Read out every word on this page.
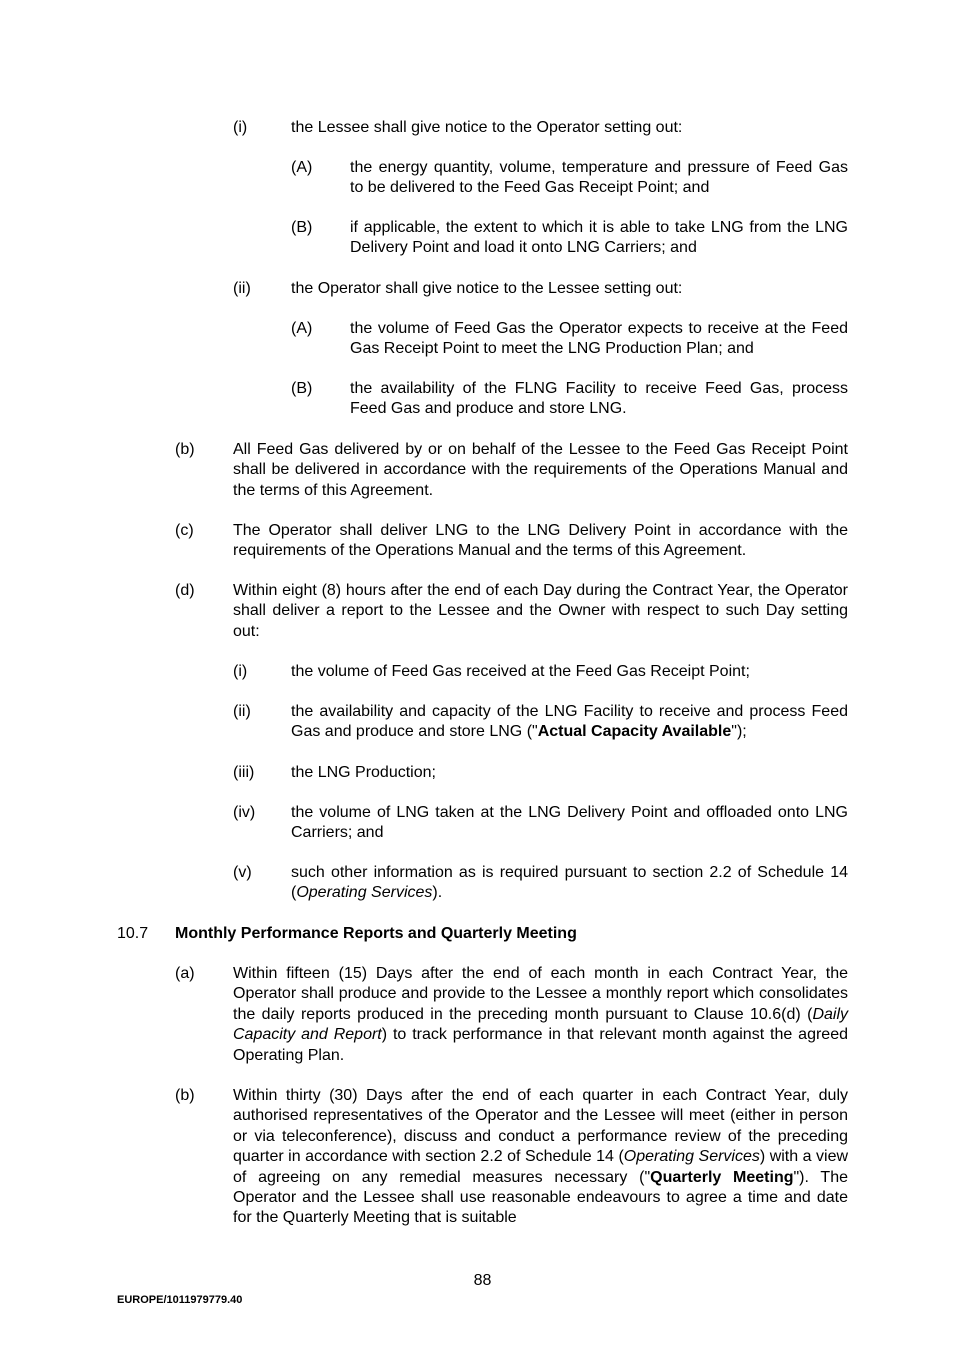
(i)	the Lessee shall give notice to the Operator setting out:
(A) the energy quantity, volume, temperature and pressure of Feed Gas to be delivered to the Feed Gas Receipt Point; and
(B) if applicable, the extent to which it is able to take LNG from the LNG Delivery Point and load it onto LNG Carriers; and
(ii)	the Operator shall give notice to the Lessee setting out:
(A) the volume of Feed Gas the Operator expects to receive at the Feed Gas Receipt Point to meet the LNG Production Plan; and
(B) the availability of the FLNG Facility to receive Feed Gas, process Feed Gas and produce and store LNG.
(b) All Feed Gas delivered by or on behalf of the Lessee to the Feed Gas Receipt Point shall be delivered in accordance with the requirements of the Operations Manual and the terms of this Agreement.
(c) The Operator shall deliver LNG to the LNG Delivery Point in accordance with the requirements of the Operations Manual and the terms of this Agreement.
(d) Within eight (8) hours after the end of each Day during the Contract Year, the Operator shall deliver a report to the Lessee and the Owner with respect to such Day setting out:
(i)	the volume of Feed Gas received at the Feed Gas Receipt Point;
(ii)	the availability and capacity of the LNG Facility to receive and process Feed Gas and produce and store LNG ("Actual Capacity Available");
(iii) the LNG Production;
(iv) the volume of LNG taken at the LNG Delivery Point and offloaded onto LNG Carriers; and
(v) such other information as is required pursuant to section 2.2 of Schedule 14 (Operating Services).
10.7 Monthly Performance Reports and Quarterly Meeting
(a) Within fifteen (15) Days after the end of each month in each Contract Year, the Operator shall produce and provide to the Lessee a monthly report which consolidates the daily reports produced in the preceding month pursuant to Clause 10.6(d) (Daily Capacity and Report) to track performance in that relevant month against the agreed Operating Plan.
(b) Within thirty (30) Days after the end of each quarter in each Contract Year, duly authorised representatives of the Operator and the Lessee will meet (either in person or via teleconference), discuss and conduct a performance review of the preceding quarter in accordance with section 2.2 of Schedule 14 (Operating Services) with a view of agreeing on any remedial measures necessary ("Quarterly Meeting"). The Operator and the Lessee shall use reasonable endeavours to agree a time and date for the Quarterly Meeting that is suitable
88
EUROPE/1011979779.40
